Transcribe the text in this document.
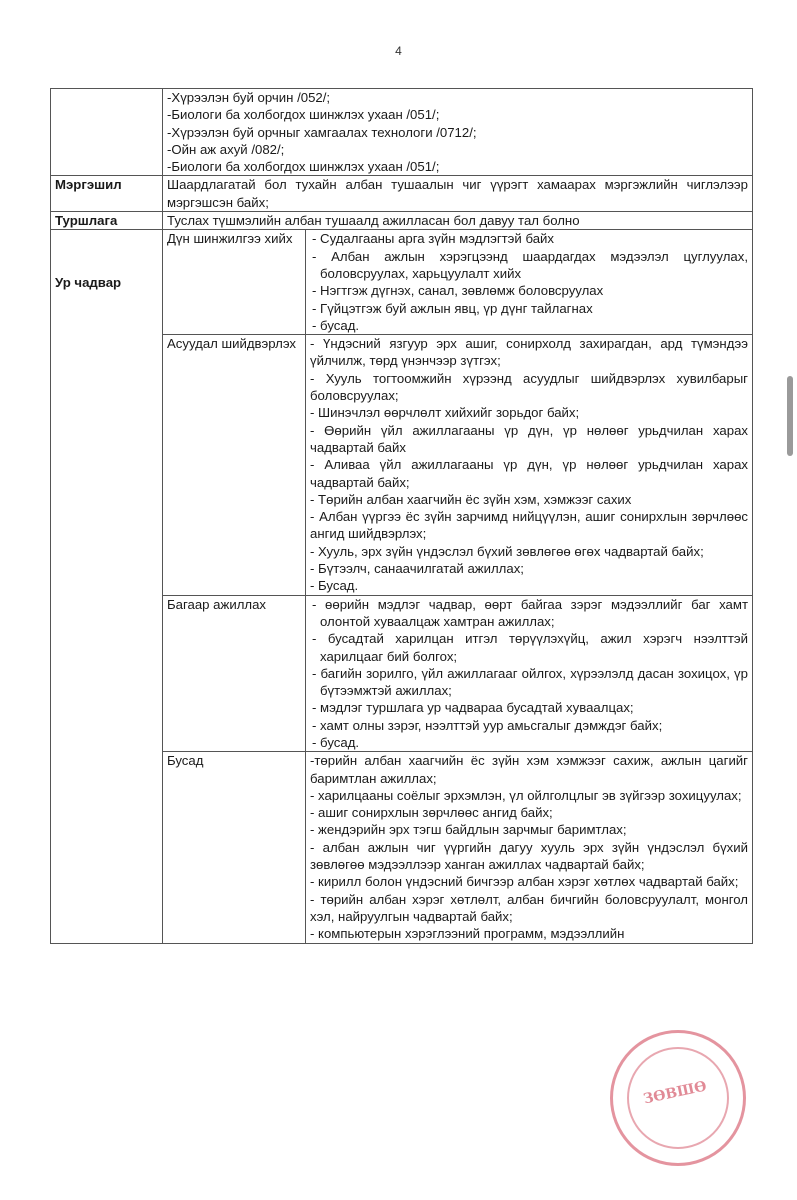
4

	-Хүрээлэн буй орчин /052/;
-Биологи ба холбогдох шинжлэх ухаан /051/;
-Хүрээлэн буй орчныг хамгаалах технологи /0712/;
-Ойн аж ахуй /082/;
-Биологи ба холбогдох шинжлэх ухаан /051/;	

Мэргэшил	Шаардлагатай бол тухайн албан тушаалын чиг үүрэгт хамаарах мэргэжлийн чиглэлээр мэргэшсэн байх;	
Туршлага	Туслах түшмэлийн албан тушаалд ажилласан бол давуу тал болно	

Ур чадвар	Дүн шинжилгээ хийх	- Судалгааны арга зүйн мэдлэгтэй байх
- Албан ажлын хэрэгцээнд шаардагдах мэдээлэл цуглуулах, боловсруулах, харьцуулалт хийх
- Нэгтгэж дүгнэх, санал, зөвлөмж боловсруулах
- Гүйцэтгэж буй ажлын явц, үр дүнг тайлагнах
- бусад.

Асуудал шийдвэрлэх	- Үндэсний язгуур эрх ашиг, сонирхолд захирагдан, ард түмэндээ үйлчилж, төрд үнэнчээр зүтгэх;
- Хууль тогтоомжийн хүрээнд асуудлыг шийдвэрлэх хувилбарыг боловсруулах;
- Шинэчлэл өөрчлөлт хийхийг зорьдог байх;
- Өөрийн үйл ажиллагааны үр дүн, үр нөлөөг урьдчилан харах чадвартай байх
- Аливаа үйл ажиллагааны үр дүн, үр нөлөөг урьдчилан харах чадвартай байх;
- Төрийн албан хаагчийн ёс зүйн хэм, хэмжээг сахих
- Албан үүргээ ёс зүйн зарчимд нийцүүлэн, ашиг сонирхлын зөрчлөөс ангид шийдвэрлэх;
- Хууль, эрх зүйн үндэслэл бүхий зөвлөгөө өгөх чадвартай байх;
- Бүтээлч, санаачилгатай ажиллах;
- Бусад.

Багаар ажиллах	- өөрийн мэдлэг чадвар, өөрт байгаа зэрэг мэдээллийг баг хамт олонтой хуваалцаж хамтран ажиллах;
- бусадтай харилцан итгэл төрүүлэхүйц, ажил хэрэгч нээлттэй харилцааг бий болгох;
- багийн зорилго, үйл ажиллагааг ойлгох, хүрээлэлд дасан зохицох, үр бүтээмжтэй ажиллах;
- мэдлэг туршлага ур чадвараа бусадтай хуваалцах;
- хамт олны зэрэг, нээлттэй уур амьсгалыг дэмждэг байх;
- бусад.

Бусад	-төрийн албан хаагчийн ёс зүйн хэм хэмжээг сахиж, ажлын цагийг баримтлан ажиллах;
- харилцааны соёлыг эрхэмлэн, үл ойлголцлыг эв зүйгээр зохицуулах;
- ашиг сонирхлын зөрчлөөс ангид байх;
- жендэрийн эрх тэгш байдлын зарчмыг баримтлах;
- албан ажлын чиг үүргийн дагуу хууль эрх зүйн үндэслэл бүхий зөвлөгөө мэдээллээр ханган ажиллах чадвартай байх;
- кирилл болон үндэсний бичгээр албан хэрэг хөтлөх чадвартай байх;
- төрийн албан хэрэг хөтлөлт, албан бичгийн боловсруулалт, монгол хэл, найруулгын чадвартай байх;
- компьютерын хэрэглээний программ, мэдээллийн
ЗӨВШӨ
